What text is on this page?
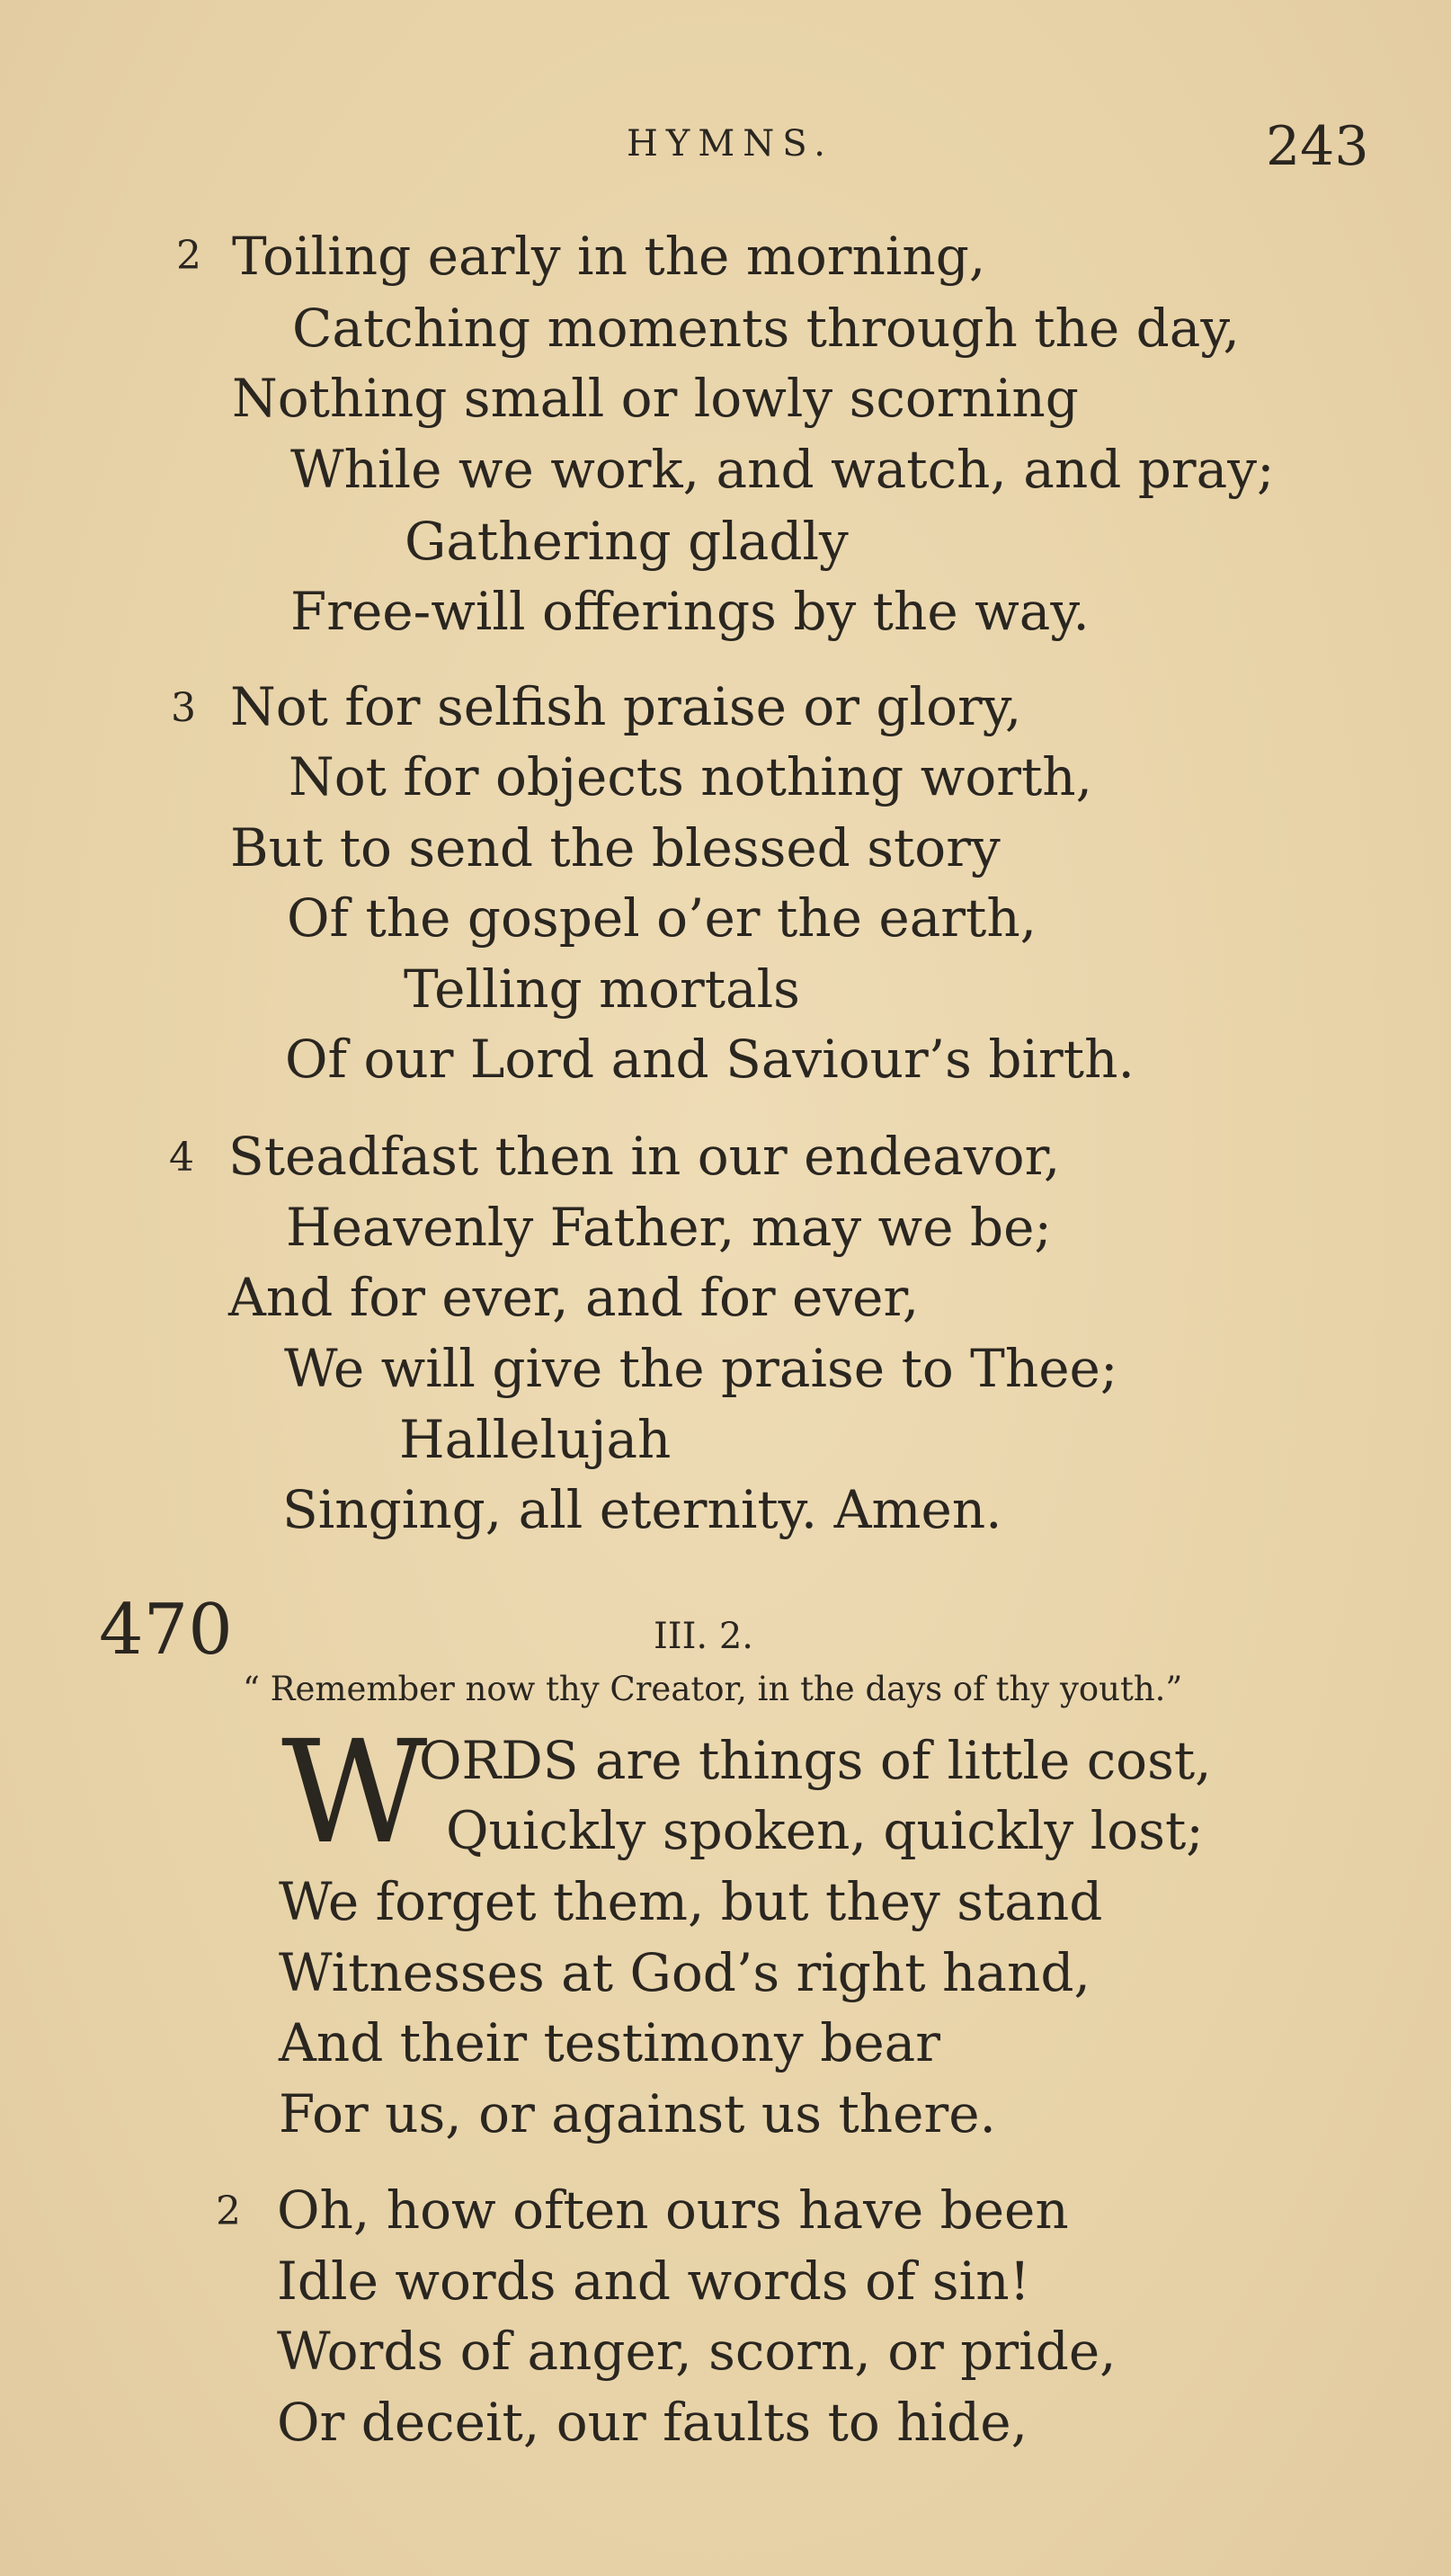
HYMNS.	243
2 Toiling early in the morning,
Catching moments through the day,
Nothing small or lowly scorning
While we work, and watch, and pray;
Gathering gladly
Free-will offerings by the way.
3 Not for selfish praise or glory,
Not for objects nothing worth,
But to send the blessed story
Of the gospel o’er the earth,
Telling mortals
Of our Lord and Saviour’s birth.
4 Steadfast then in our endeavor,
Heavenly Father, may we be;
And for ever, and for ever,
We will give the praise to Thee;
Hallelujah
Singing, all eternity. Amen.
470	III. 2.
“ Remember now thy Creator, in the days of thy youth.”
W
ORDS are things of little cost,
Quickly spoken, quickly lost;
We forget them, but they stand
Witnesses at God’s right hand,
And their testimony bear
For us, or against us there.
2 Oh, how often ours have been
Idle words and words of sin!
Words of anger, scorn, or pride,
Or deceit, our faults to hide,
